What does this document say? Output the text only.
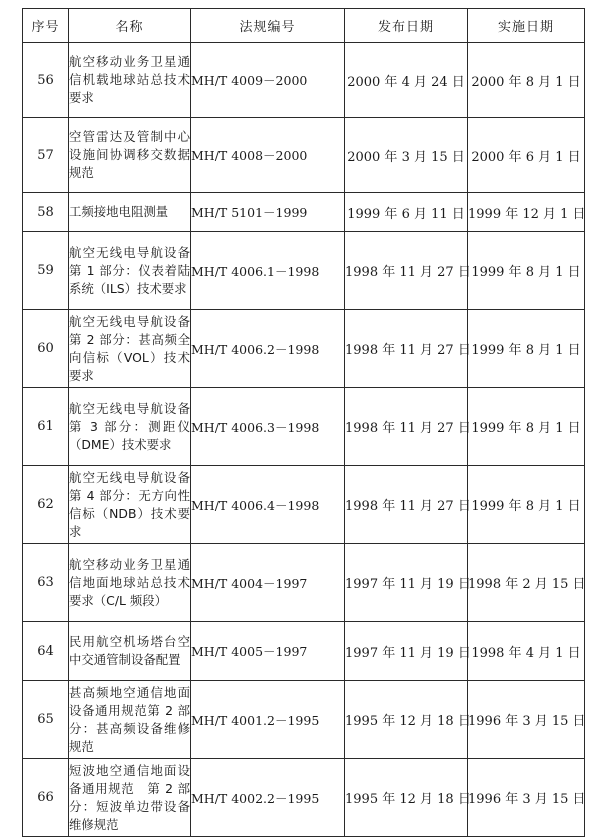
序号	名称	法规编号	发布日期	实施日期
56	航空移动业务卫星通信机载地球站总技术要求	MH/T 4009－2000	2000 年 4 月 24 日	2000 年 8 月 1 日
57	空管雷达及管制中心设施间协调移交数据规范	MH/T 4008－2000	2000 年 3 月 15 日	2000 年 6 月 1 日
58	工频接地电阻测量	MH/T 5101－1999	1999 年 6 月 11 日	1999 年 12 月 1 日
59	航空无线电导航设备　第 1 部分：仪表着陆系统（ILS）技术要求	MH/T 4006.1－1998	1998 年 11 月 27 日	1999 年 8 月 1 日
60	航空无线电导航设备　第 2 部分：甚高频全向信标（VOL）技术要求	MH/T 4006.2－1998	1998 年 11 月 27 日	1999 年 8 月 1 日
61	航空无线电导航设备　第 3 部分：测距仪（DME）技术要求	MH/T 4006.3－1998	1998 年 11 月 27 日	1999 年 8 月 1 日
62	航空无线电导航设备　第 4 部分：无方向性信标（NDB）技术要求	MH/T 4006.4－1998	1998 年 11 月 27 日	1999 年 8 月 1 日
63	航空移动业务卫星通信地面地球站总技术要求（C/L 频段）	MH/T 4004－1997	1997 年 11 月 19 日	1998 年 2 月 15 日
64	民用航空机场塔台空中交通管制设备配置	MH/T 4005－1997	1997 年 11 月 19 日	1998 年 4 月 1 日
65	甚高频地空通信地面设备通用规范第 2 部分：甚高频设备维修规范	MH/T 4001.2－1995	1995 年 12 月 18 日	1996 年 3 月 15 日
66	短波地空通信地面设备通用规范　第 2 部分：短波单边带设备维修规范	MH/T 4002.2－1995	1995 年 12 月 18 日	1996 年 3 月 15 日
